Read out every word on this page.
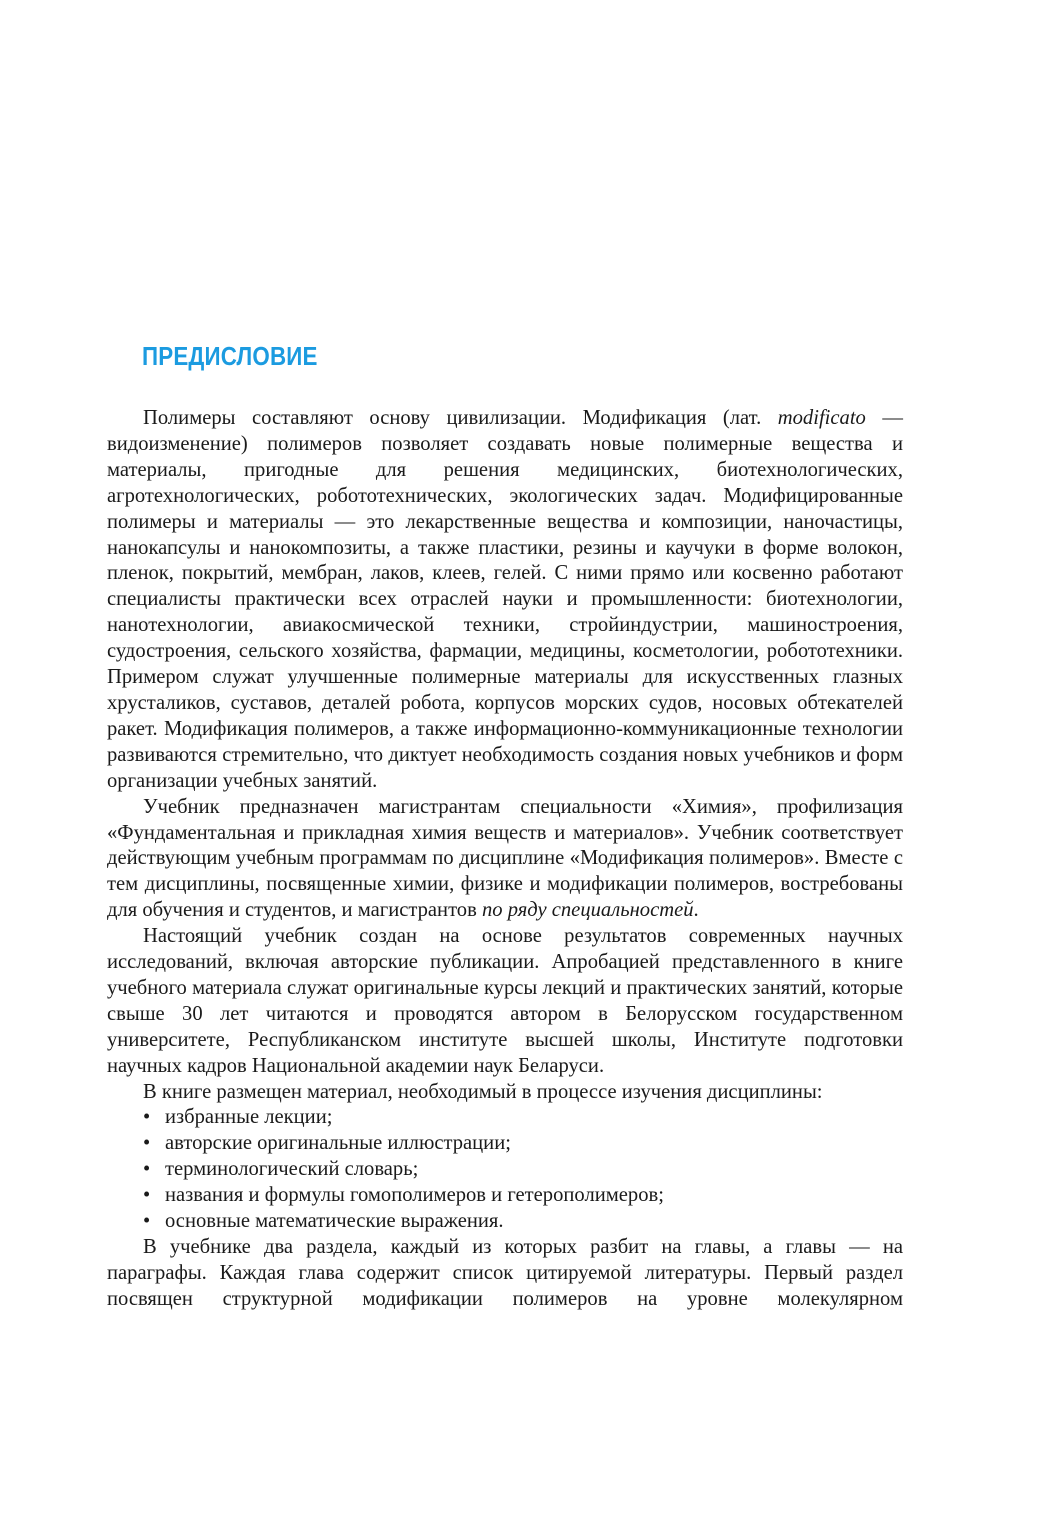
ПРЕДИСЛОВИЕ

Полимеры составляют основу цивилизации. Модификация (лат. modificato — видоизменение) полимеров позволяет создавать новые полимерные вещества и материалы, пригодные для решения медицинских, биотехнологических, агротехнологических, робототехнических, экологических задач. Модифицированные полимеры и материалы — это лекарственные вещества и композиции, наночастицы, нанокапсулы и нанокомпозиты, а также пластики, резины и каучуки в форме волокон, пленок, покрытий, мембран, лаков, клеев, гелей. С ними прямо или косвенно работают специалисты практически всех отраслей науки и промышленности: биотехнологии, нанотехнологии, авиакосмической техники, стройиндустрии, машиностроения, судостроения, сельского хозяйства, фармации, медицины, косметологии, робототехники. Примером служат улучшенные полимерные материалы для искусственных глазных хрусталиков, суставов, деталей робота, корпусов морских судов, носовых обтекателей ракет. Модификация полимеров, а также информационно-коммуникационные технологии развиваются стремительно, что диктует необходимость создания новых учебников и форм организации учебных занятий.

Учебник предназначен магистрантам специальности «Химия», профилизация «Фундаментальная и прикладная химия веществ и материалов». Учебник соответствует действующим учебным программам по дисциплине «Модификация полимеров». Вместе с тем дисциплины, посвященные химии, физике и модификации полимеров, востребованы для обучения и студентов, и магистрантов по ряду специальностей.

Настоящий учебник создан на основе результатов современных научных исследований, включая авторские публикации. Апробацией представленного в книге учебного материала служат оригинальные курсы лекций и практических занятий, которые свыше 30 лет читаются и проводятся автором в Белорусском государственном университете, Республиканском институте высшей школы, Институте подготовки научных кадров Национальной академии наук Беларуси.

В книге размещен материал, необходимый в процессе изучения дисциплины:

• избранные лекции;
• авторские оригинальные иллюстрации;
• терминологический словарь;
• названия и формулы гомополимеров и гетерополимеров;
• основные математические выражения.

В учебнике два раздела, каждый из которых разбит на главы, а главы — на параграфы. Каждая глава содержит список цитируемой литературы. Первый раздел посвящен структурной модификации полимеров на уровне молекулярном
